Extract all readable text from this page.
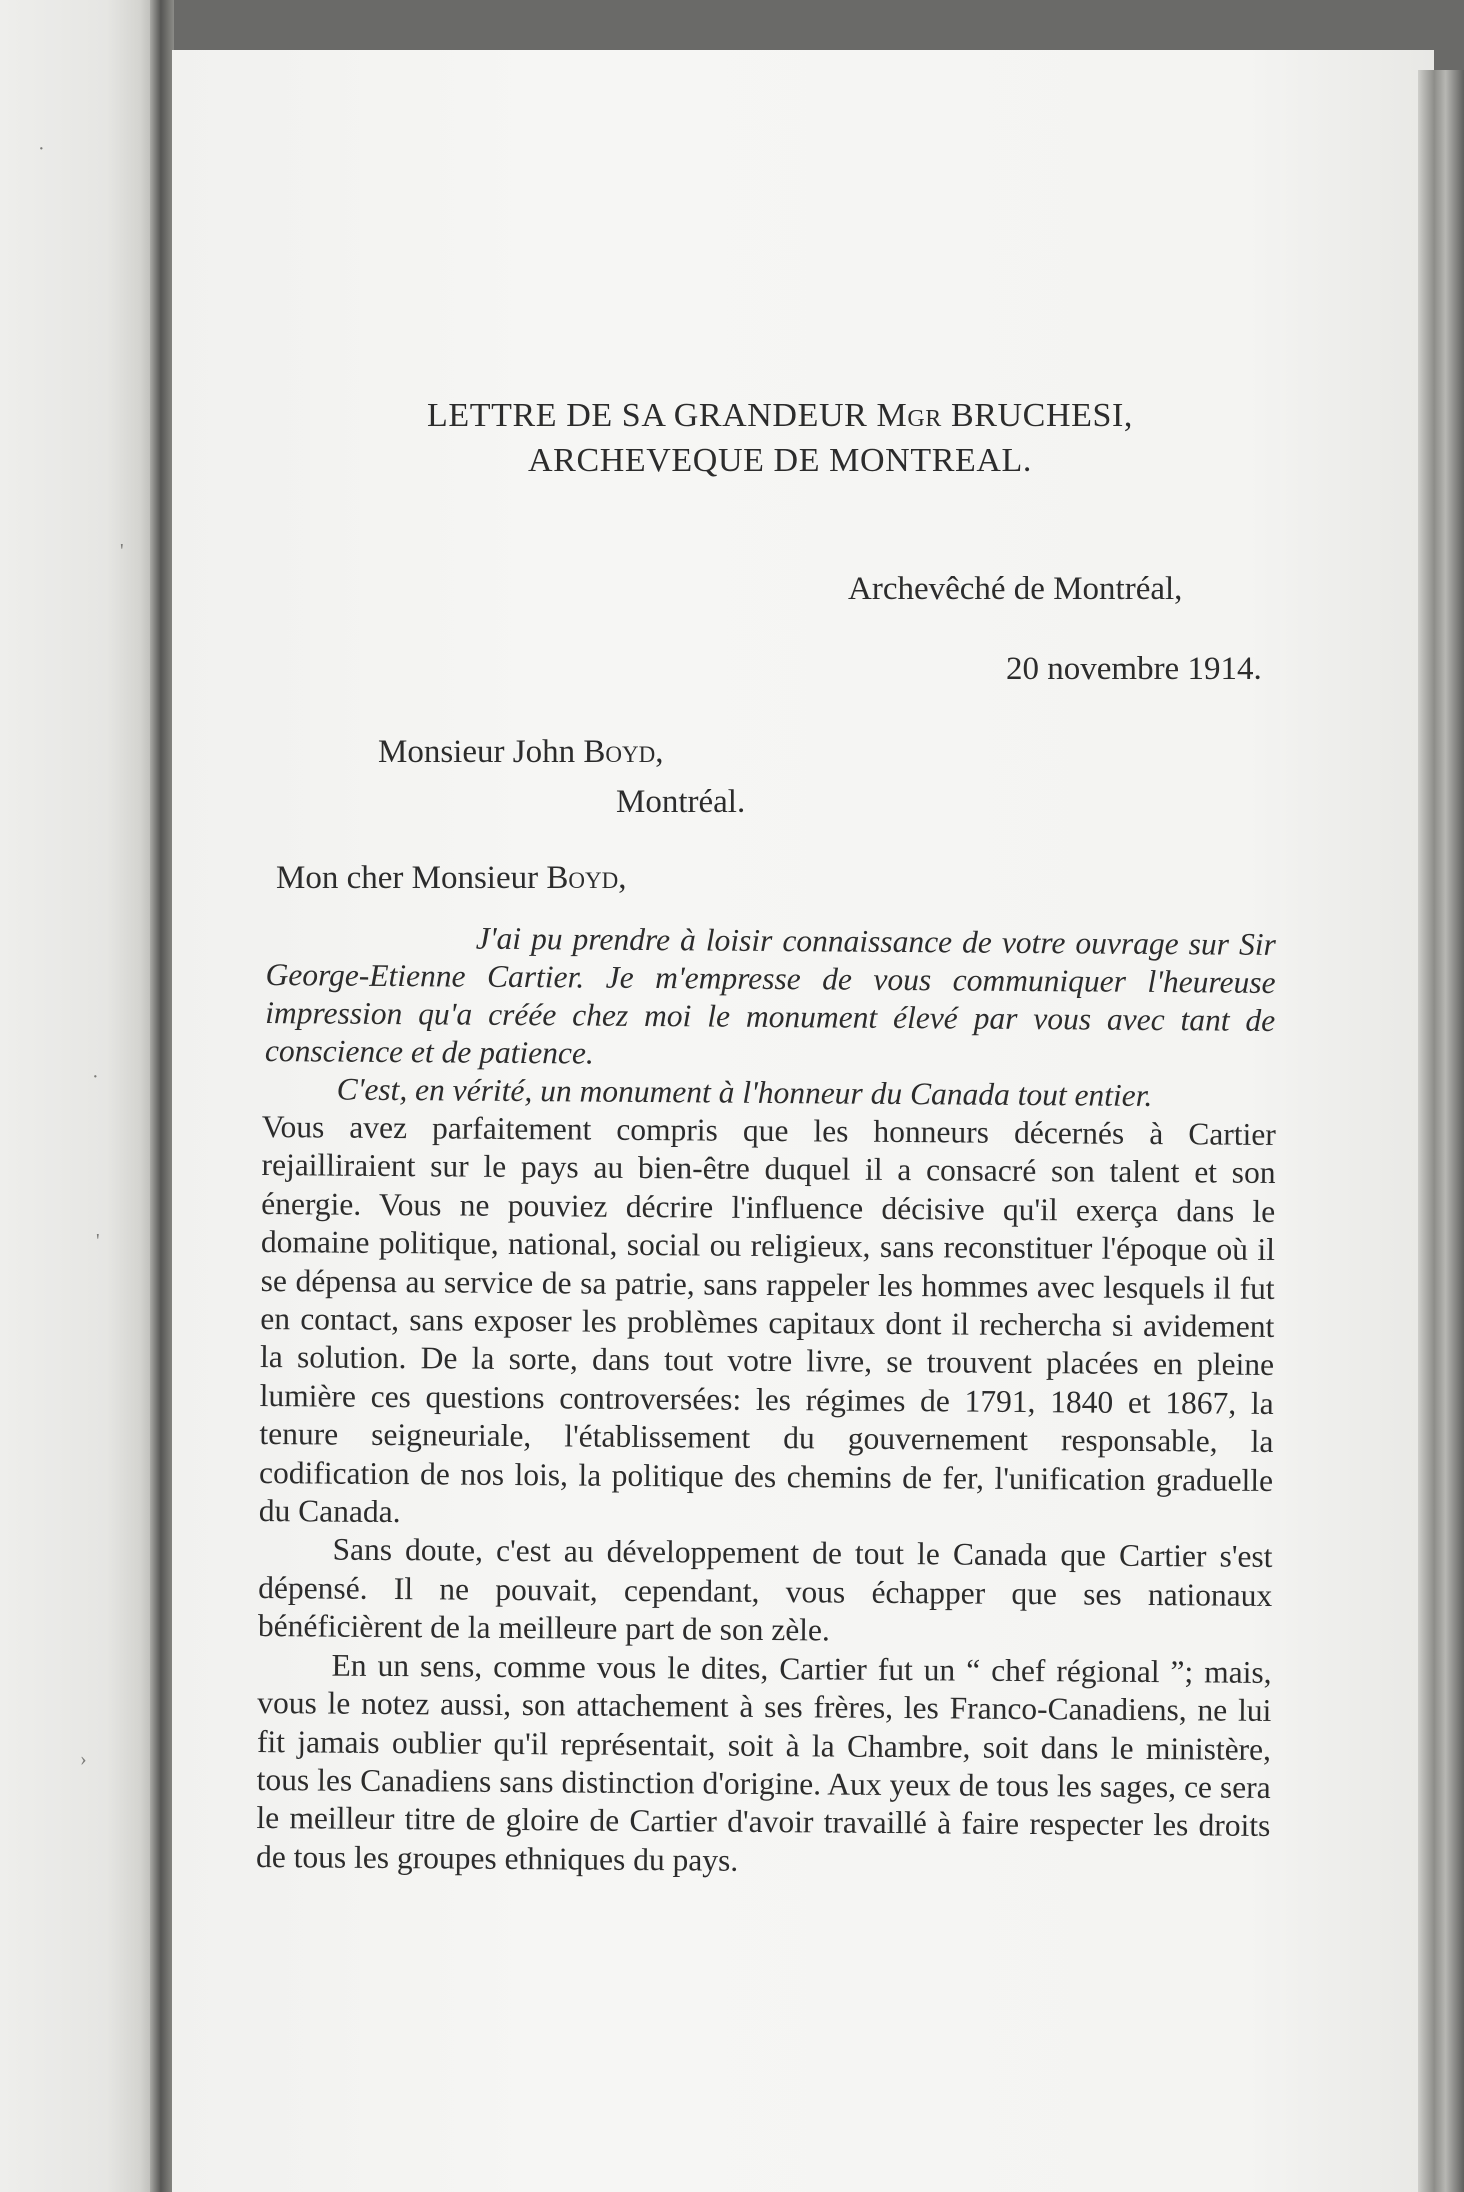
·
'
·
'
›
LETTRE DE SA GRANDEUR Mgr BRUCHESI,
ARCHEVEQUE DE MONTREAL.
Archevêché de Montréal,
20 novembre 1914.
Monsieur John Boyd,
Montréal.
Mon cher Monsieur Boyd,

J'ai pu prendre à loisir connaissance de votre ouvrage sur Sir George-Etienne Cartier. Je m'empresse de vous communiquer l'heureuse impression qu'a créée chez moi le monument élevé par vous avec tant de conscience et de patience.

C'est, en vérité, un monument à l'honneur du Canada tout entier.

Vous avez parfaitement compris que les honneurs décernés à Cartier rejailliraient sur le pays au bien-être duquel il a consacré son talent et son énergie. Vous ne pouviez décrire l'influence décisive qu'il exerça dans le domaine politique, national, social ou religieux, sans reconstituer l'époque où il se dépensa au service de sa patrie, sans rappeler les hommes avec lesquels il fut en contact, sans exposer les problèmes capitaux dont il rechercha si avidement la solution. De la sorte, dans tout votre livre, se trouvent placées en pleine lumière ces questions controversées: les régimes de 1791, 1840 et 1867, la tenure seigneuriale, l'établissement du gouvernement responsable, la codification de nos lois, la politique des chemins de fer, l'unification graduelle du Canada.

Sans doute, c'est au développement de tout le Canada que Cartier s'est dépensé. Il ne pouvait, cependant, vous échapper que ses nationaux bénéficièrent de la meilleure part de son zèle.

En un sens, comme vous le dites, Cartier fut un “ chef régional ”; mais, vous le notez aussi, son attachement à ses frères, les Franco-Canadiens, ne lui fit jamais oublier qu'il représentait, soit à la Chambre, soit dans le ministère, tous les Canadiens sans distinction d'origine. Aux yeux de tous les sages, ce sera le meilleur titre de gloire de Cartier d'avoir travaillé à faire respecter les droits de tous les groupes ethniques du pays.
